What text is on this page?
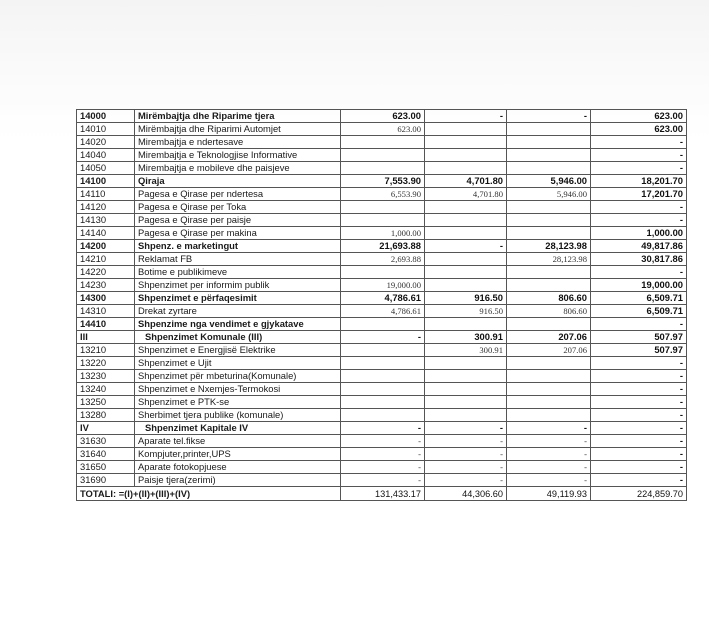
14000	Mirëmbajtja dhe Riparime tjera	623.00	-	-	623.00
14010	Mirëmbajtja dhe Riparimi Automjet	623.00			623.00
14020	Mirembajtja e ndertesave				-
14040	Mirembajtja e Teknologjise Informative				-
14050	Mirembajtja e mobileve dhe paisjeve				-
14100	Qiraja	7,553.90	4,701.80	5,946.00	18,201.70
14110	Pagesa e Qirase per ndertesa	6,553.90	4,701.80	5,946.00	17,201.70
14120	Pagesa e Qirase per Toka				-
14130	Pagesa e Qirase per paisje				-
14140	Pagesa e Qirase per makina	1,000.00			1,000.00
14200	Shpenz. e marketingut	21,693.88	-	28,123.98	49,817.86
14210	Reklamat FB	2,693.88		28,123.98	30,817.86
14220	Botime e publikimeve				-
14230	Shpenzimet per informim publik	19,000.00			19,000.00
14300	Shpenzimet e përfaqesimit	4,786.61	916.50	806.60	6,509.71
14310	Drekat zyrtare	4,786.61	916.50	806.60	6,509.71
14410	Shpenzime nga vendimet e gjykatave				-
III	Shpenzimet Komunale (III)	-	300.91	207.06	507.97
13210	Shpenzimet e Energjisë Elektrike		300.91	207.06	507.97
13220	Shpenzimet e Ujit				-
13230	Shpenzimet për mbeturina(Komunale)				-
13240	Shpenzimet e Nxemjes-Termokosi				-
13250	Shpenzimet e PTK-se				-
13280	Sherbimet tjera publike (komunale)				-
IV	Shpenzimet Kapitale IV	-	-	-	-
31630	Aparate tel.fikse	-	-	-	-
31640	Kompjuter,printer,UPS	-	-	-	-
31650	Aparate fotokopjuese	-	-	-	-
31690	Paisje tjera(zerimi)	-	-	-	-
TOTALI: =(I)+(II)+(III)+(IV)		131,433.17	44,306.60	49,119.93	224,859.70
